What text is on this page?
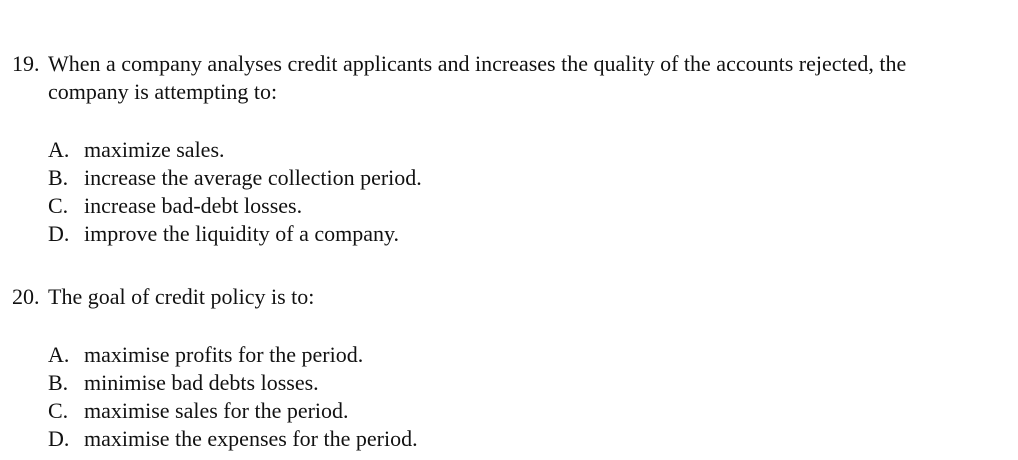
19. When a company analyses credit applicants and increases the quality of the accounts rejected, the company is attempting to:
A. maximize sales.
B. increase the average collection period.
C. increase bad-debt losses.
D. improve the liquidity of a company.
20. The goal of credit policy is to:
A. maximise profits for the period.
B. minimise bad debts losses.
C. maximise sales for the period.
D. maximise the expenses for the period.
